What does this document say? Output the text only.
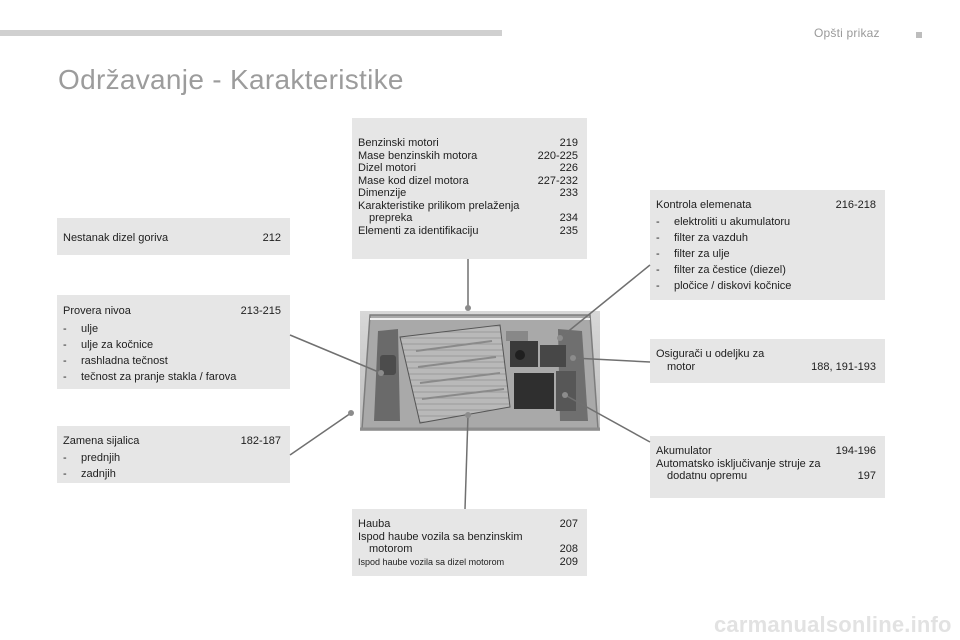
Opšti prikaz
Održavanje - Karakteristike
Nestanak dizel goriva	212
Provera nivoa	213-215
-	ulje
-	ulje za kočnice
-	rashladna tečnost
-	tečnost za pranje stakla / farova
Zamena sijalica	182-187
-	prednjih
-	zadnjih
Benzinski motori	219
Mase benzinskih motora	220-225
Dizel motori	226
Mase kod dizel motora	227-232
Dimenzije	233
Karakteristike prilikom prelaženja
prepreka	234
Elementi za identifikaciju	235
Kontrola elemenata	216-218
-	elektroliti u akumulatoru
-	filter za vazduh
-	filter za ulje
-	filter za čestice (diezel)
-	pločice / diskovi kočnice
Osigurači u odeljku za
motor	188, 191-193
Akumulator	194-196
Automatsko isključivanje struje za
dodatnu opremu	197
Hauba	207
Ispod haube vozila sa benzinskim
motorom	208
Ispod haube vozila sa dizel motorom	209
carmanualsonline.info
